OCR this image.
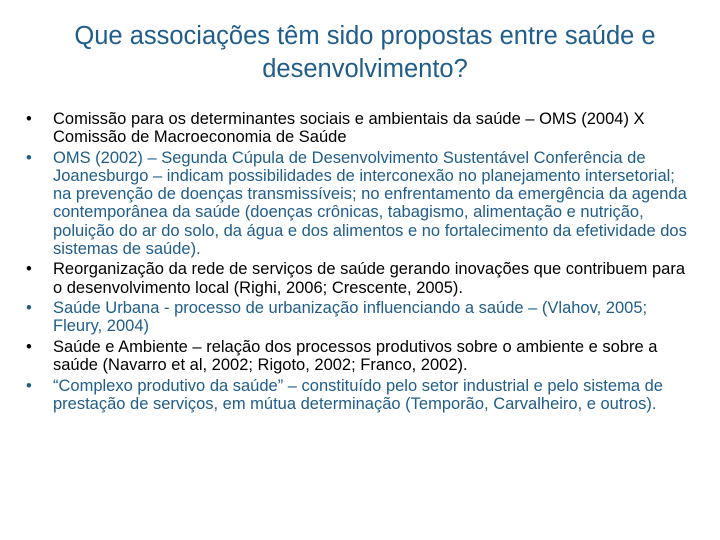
Que associações têm sido propostas entre saúde e desenvolvimento?
•	Comissão para os determinantes sociais e ambientais da saúde – OMS (2004) X Comissão de Macroeconomia de Saúde
•	OMS (2002) – Segunda Cúpula de Desenvolvimento Sustentável Conferência de Joanesburgo – indicam possibilidades de interconexão no planejamento intersetorial; na prevenção de doenças transmissíveis; no enfrentamento da emergência da agenda contemporânea da saúde (doenças crônicas, tabagismo, alimentação e nutrição, poluição do ar do solo, da água e dos alimentos e no fortalecimento da efetividade dos sistemas de saúde).
•	Reorganização da rede de serviços de saúde gerando inovações que contribuem para o desenvolvimento local (Righi, 2006; Crescente, 2005).
•	Saúde Urbana - processo de urbanização influenciando a saúde – (Vlahov, 2005; Fleury, 2004)
•	Saúde e Ambiente – relação dos processos produtivos sobre o ambiente e sobre a saúde (Navarro et al, 2002; Rigoto, 2002; Franco, 2002).
•	“Complexo produtivo da saúde” – constituído pelo setor industrial e pelo sistema de prestação de serviços, em mútua determinação (Temporão, Carvalheiro, e outros).
